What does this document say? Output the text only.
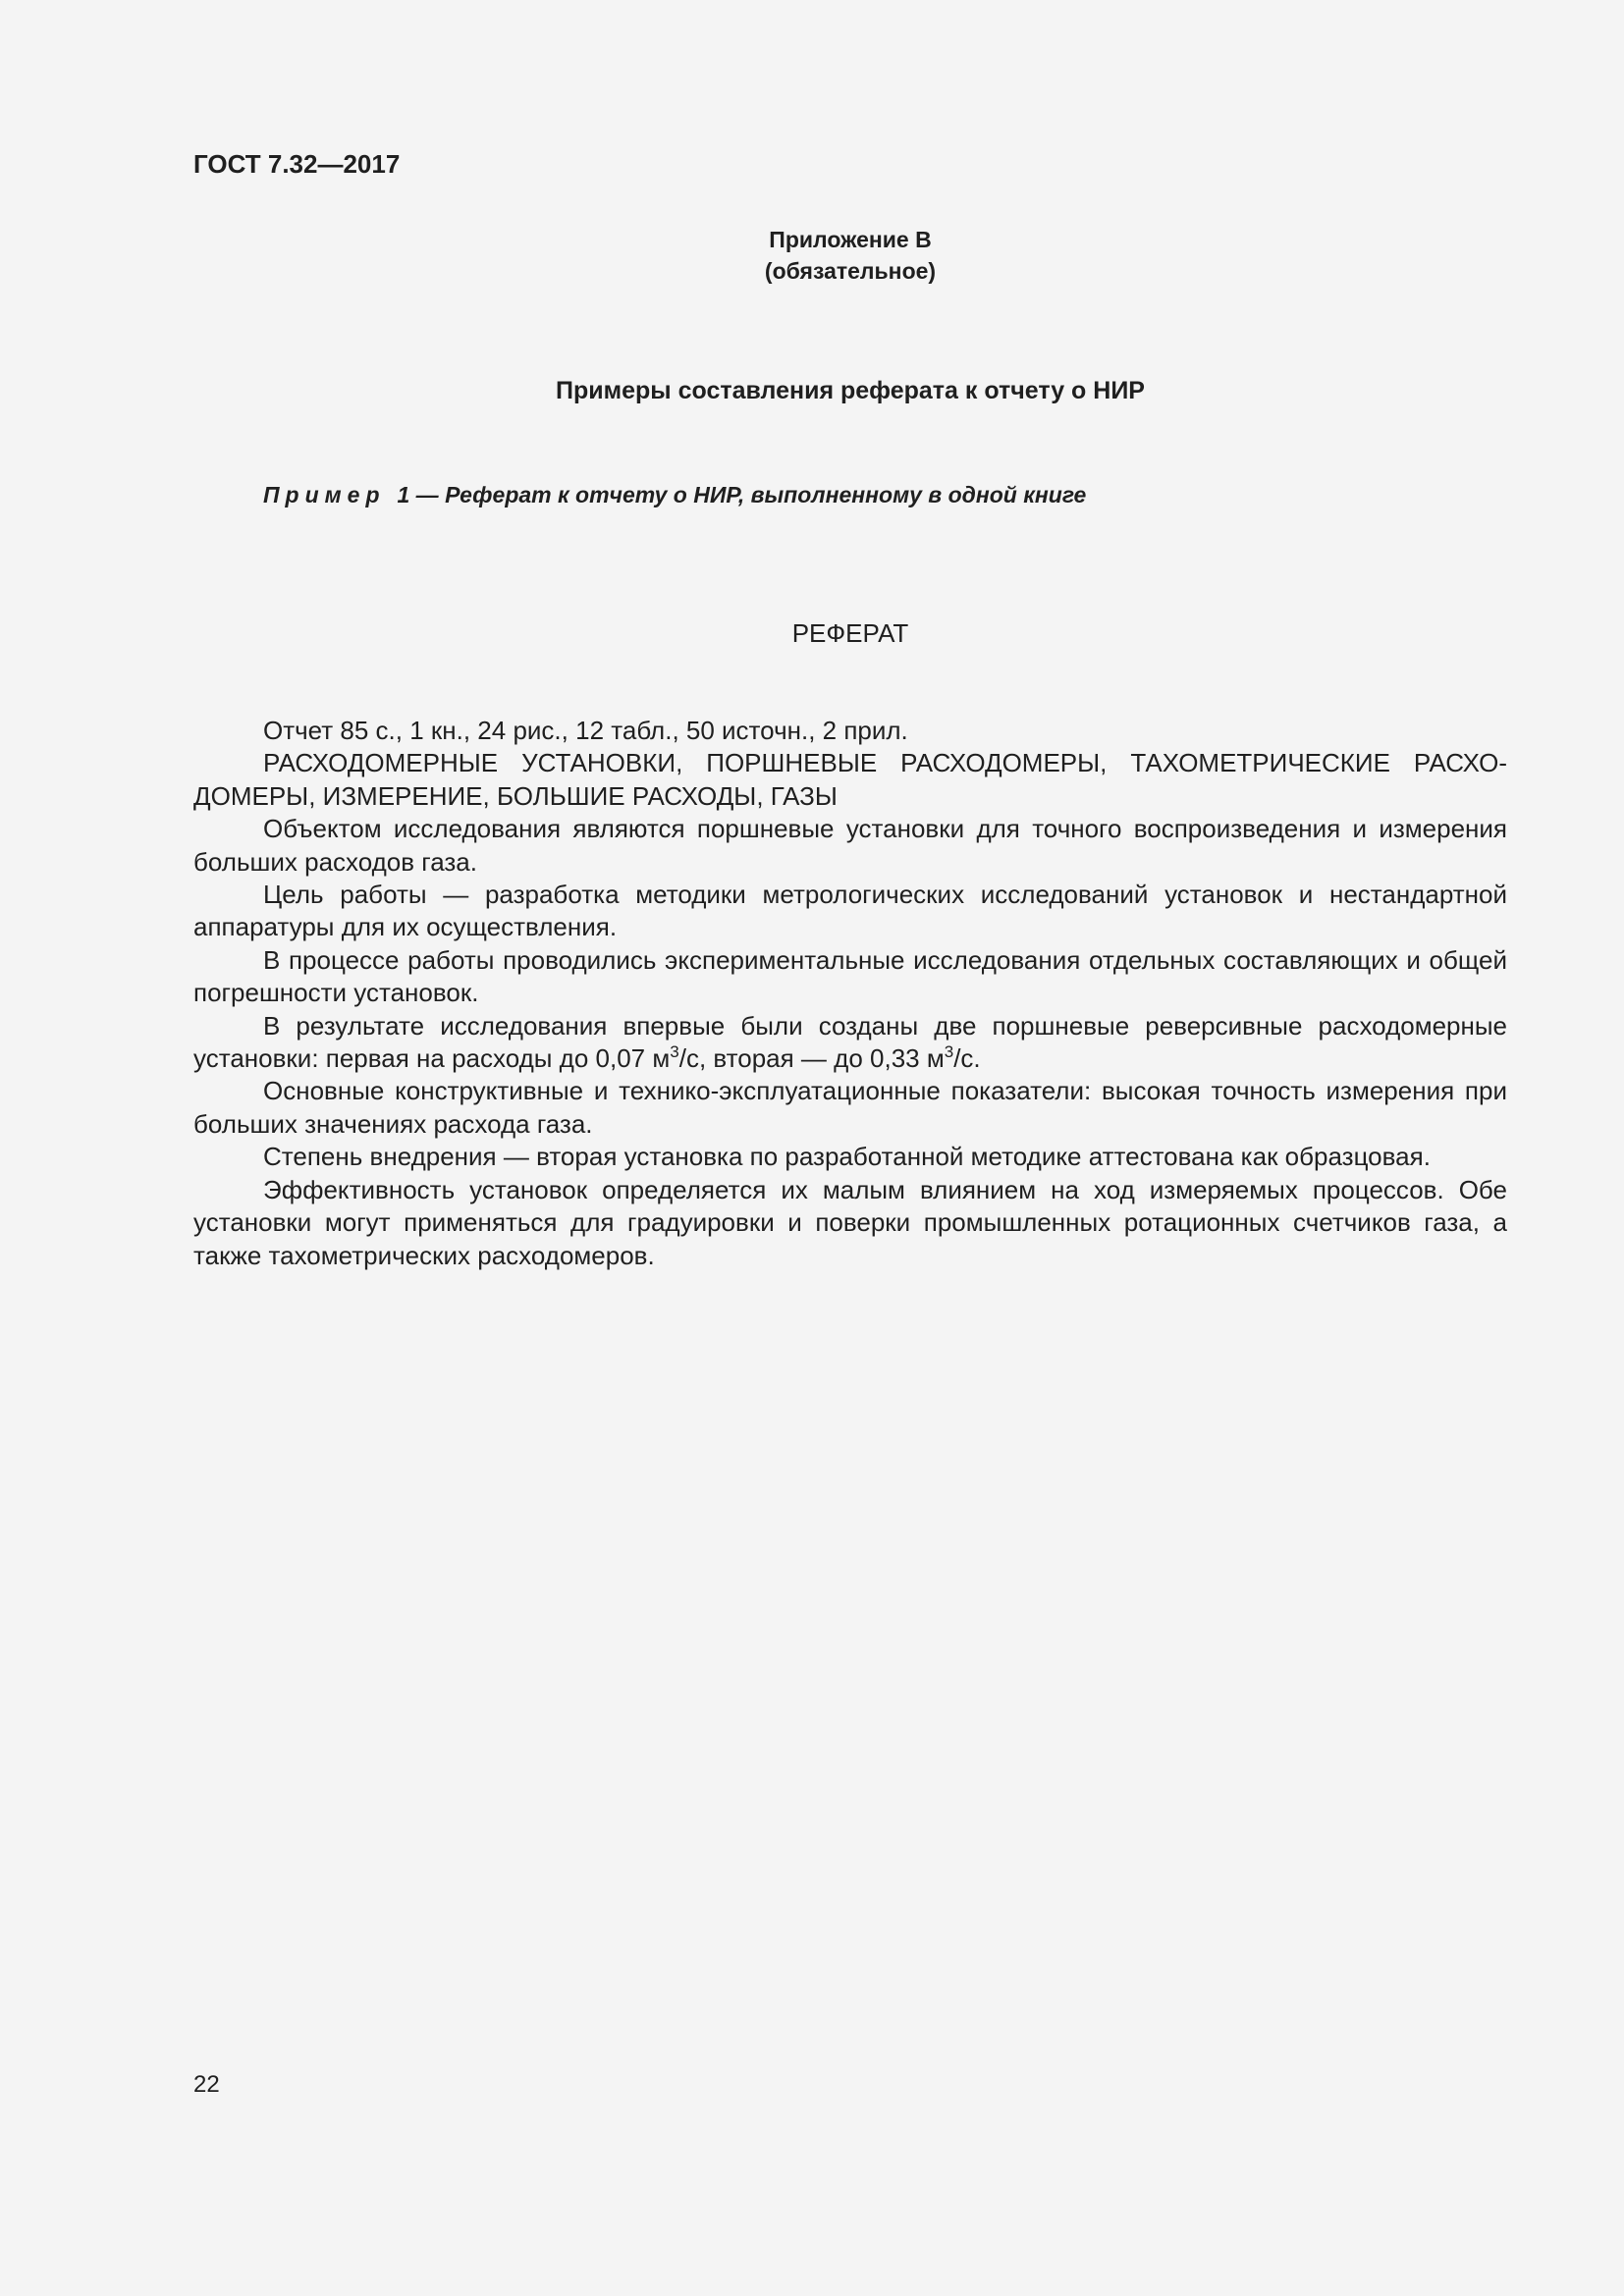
ГОСТ 7.32—2017
Приложение В
(обязательное)
Примеры составления реферата к отчету о НИР
Пример 1 — Реферат к отчету о НИР, выполненному в одной книге
РЕФЕРАТ

Отчет 85 с., 1 кн., 24 рис., 12 табл., 50 источн., 2 прил.

РАСХОДОМЕРНЫЕ УСТАНОВКИ, ПОРШНЕВЫЕ РАСХОДОМЕРЫ, ТАХОМЕТРИЧЕСКИЕ РАСХОДОМЕРЫ, ИЗМЕРЕНИЕ, БОЛЬШИЕ РАСХОДЫ, ГАЗЫ

Объектом исследования являются поршневые установки для точного воспроизведения и измерения больших расходов газа.

Цель работы — разработка методики метрологических исследований установок и нестандартной аппаратуры для их осуществления.

В процессе работы проводились экспериментальные исследования отдельных составляющих и общей погрешности установок.

В результате исследования впервые были созданы две поршневые реверсивные расходомерные установки: первая на расходы до 0,07 $м^3/с$, вторая — до 0,33 $м^3/с$.

Основные конструктивные и технико-эксплуатационные показатели: высокая точность измерения при больших значениях расхода газа.

Степень внедрения — вторая установка по разработанной методике аттестована как образцовая.

Эффективность установок определяется их малым влиянием на ход измеряемых процессов. Обе установки могут применяться для градуировки и поверки промышленных ротационных счетчиков газа, а также тахометрических расходомеров.

22
